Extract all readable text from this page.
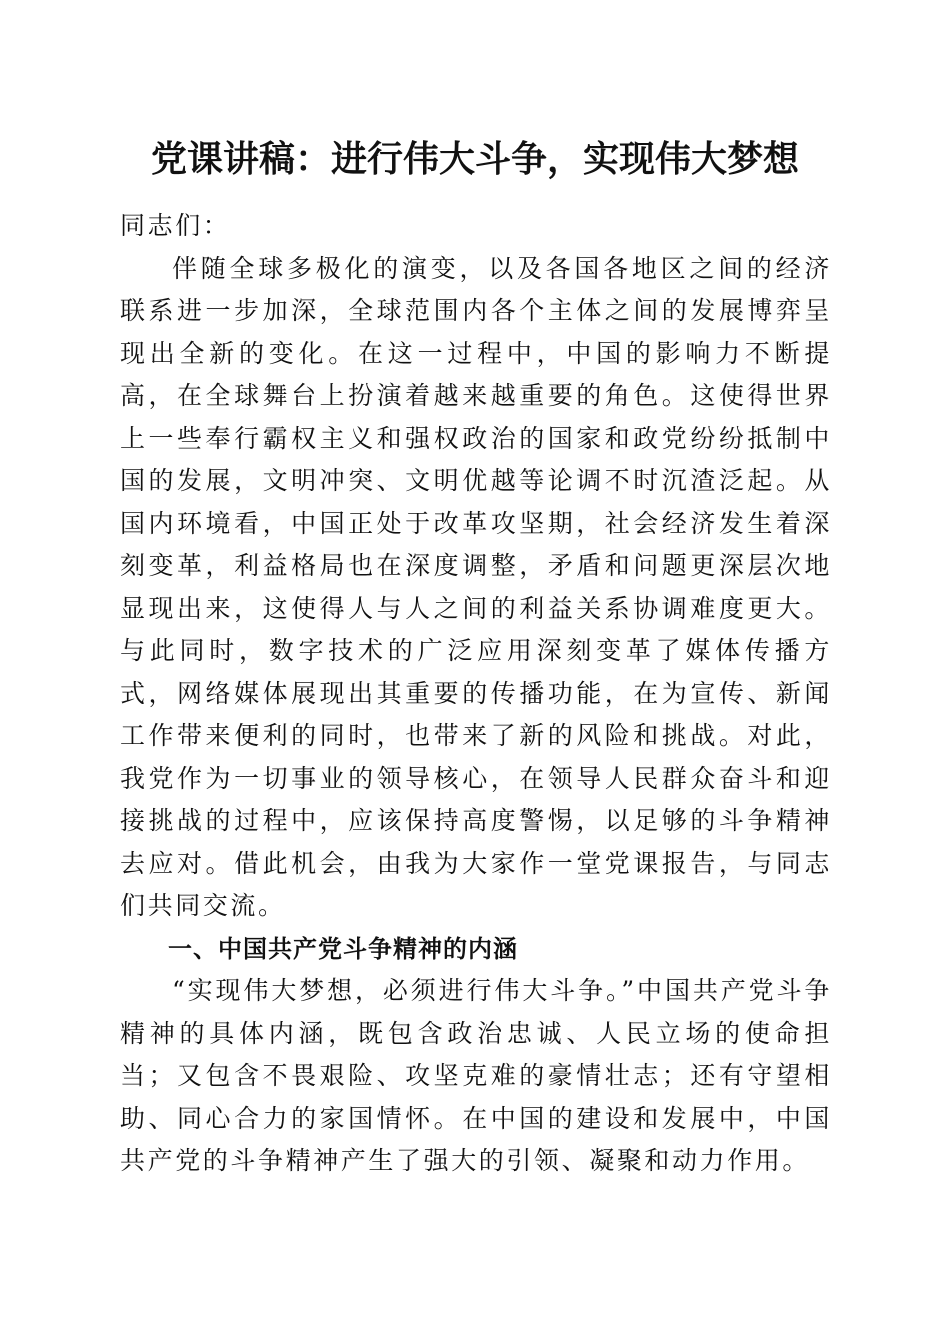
党课讲稿：进行伟大斗争，实现伟大梦想

同志们：

伴随全球多极化的演变，以及各国各地区之间的经济联系进一步加深，全球范围内各个主体之间的发展博弈呈现出全新的变化。在这一过程中，中国的影响力不断提高，在全球舞台上扮演着越来越重要的角色。这使得世界上一些奉行霸权主义和强权政治的国家和政党纷纷抵制中国的发展，文明冲突、文明优越等论调不时沉渣泛起。从国内环境看，中国正处于改革攻坚期，社会经济发生着深刻变革，利益格局也在深度调整，矛盾和问题更深层次地显现出来，这使得人与人之间的利益关系协调难度更大。与此同时，数字技术的广泛应用深刻变革了媒体传播方式，网络媒体展现出其重要的传播功能，在为宣传、新闻工作带来便利的同时，也带来了新的风险和挑战。对此，我党作为一切事业的领导核心，在领导人民群众奋斗和迎接挑战的过程中，应该保持高度警惕，以足够的斗争精神去应对。借此机会，由我为大家作一堂党课报告，与同志们共同交流。

一、中国共产党斗争精神的内涵

“实现伟大梦想，必须进行伟大斗争。”中国共产党斗争精神的具体内涵，既包含政治忠诚、人民立场的使命担当；又包含不畏艰险、攻坚克难的豪情壮志；还有守望相助、同心合力的家国情怀。在中国的建设和发展中，中国共产党的斗争精神产生了强大的引领、凝聚和动力作用。
